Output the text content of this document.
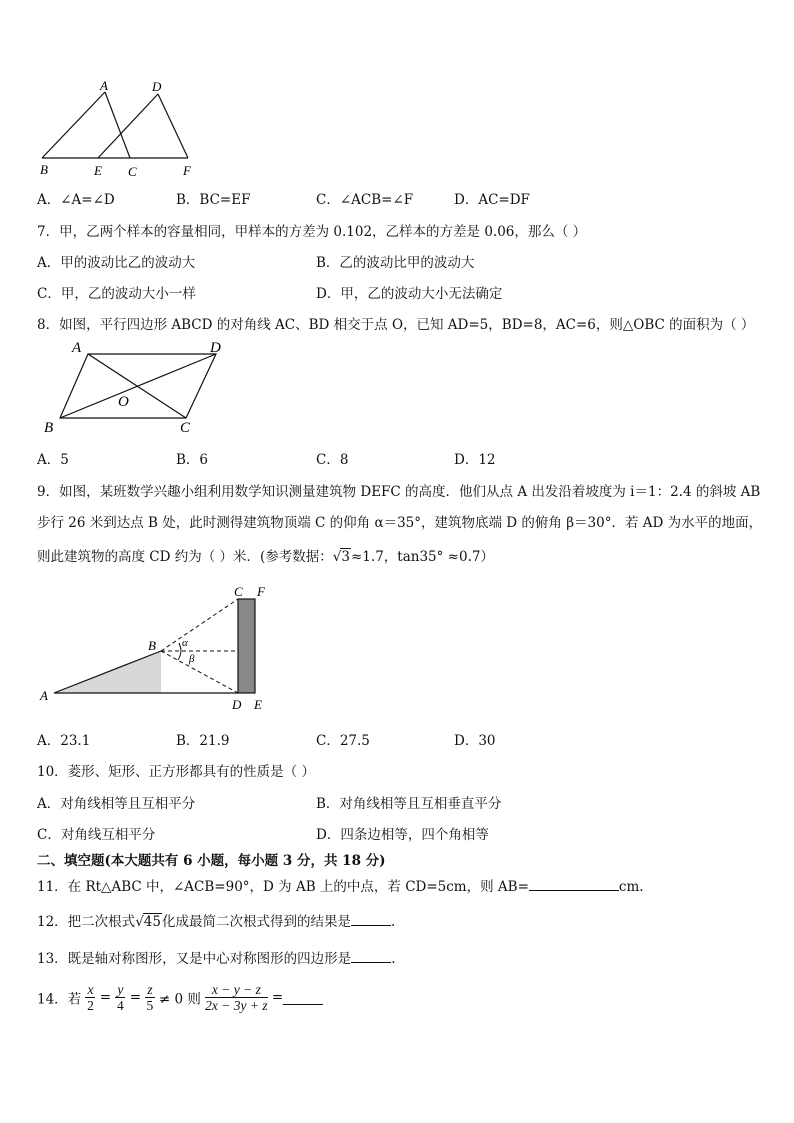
A	D
B	E C	F
A．∠A=∠D	B．BC=EF	C．∠ACB=∠F	D．AC=DF
7．甲，乙两个样本的容量相同，甲样本的方差为 0.102，乙样本的方差是 0.06，那么（ ）
A．甲的波动比乙的波动大	B．乙的波动比甲的波动大
C．甲，乙的波动大小一样	D．甲，乙的波动大小无法确定
8．如图，平行四边形 ABCD 的对角线 AC、BD 相交于点 O，已知 AD=5，BD=8，AC=6，则△OBC 的面积为（ ）
A	D
B	C
O
A．5	B．6	C．8	D．12
9．如图，某班数学兴趣小组利用数学知识测量建筑物 DEFC 的高度．他们从点 A 出发沿着坡度为 i＝1：2.4 的斜坡 AB
步行 26 米到达点 B 处，此时测得建筑物顶端 C 的仰角 α＝35°，建筑物底端 D 的俯角 β＝30°．若 AD 为水平的地面，
则此建筑物的高度 CD 约为（ ）米．(参考数据：√3≈1.7，tan35° ≈0.7）
C F
B α
β
A
D E
A．23.1	B．21.9	C．27.5	D．30
10．菱形、矩形、正方形都具有的性质是（ ）
A．对角线相等且互相平分	B．对角线相等且互相垂直平分
C．对角线互相平分	D．四条边相等，四个角相等
二、填空题(本大题共有 6 小题，每小题 3 分，共 18 分)
11．在 Rt△ABC 中，∠ACB=90°，D 为 AB 上的中点，若 CD=5cm，则 AB=	cm.
12．把二次根式√45化成最简二次根式得到的结果是	.
13．既是轴对称图形，又是中心对称图形的四边形是	.
14．若 $\frac{x}{2} = \frac{y}{4} = \frac{z}{5} \ne 0$ 则 $\frac{x - y - z}{2x - 3y + z}$ =
